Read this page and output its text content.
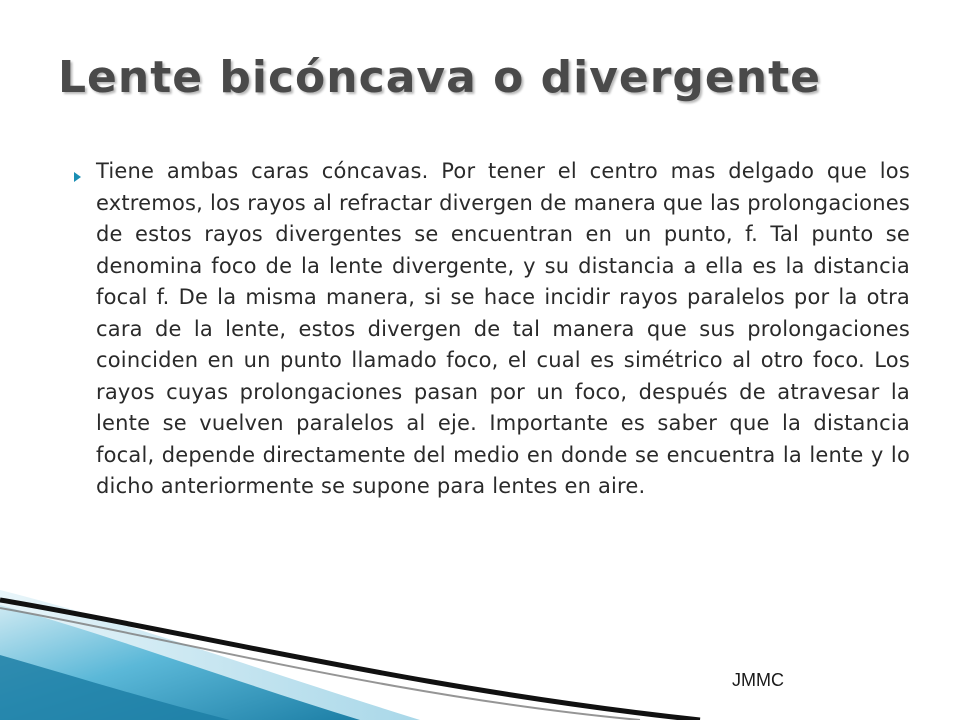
Lente bicóncava o divergente

Tiene ambas caras cóncavas. Por tener el centro mas delgado que los extremos, los rayos al refractar divergen de manera que las prolongaciones de estos rayos divergentes se encuentran en un punto, f. Tal punto se denomina foco de la lente divergente, y su distancia a ella es la distancia focal f. De la misma manera, si se hace incidir rayos paralelos por la otra cara de la lente, estos divergen de tal manera que sus prolongaciones coinciden en un punto llamado foco, el cual es simétrico al otro foco. Los rayos cuyas prolongaciones pasan por un foco, después de atravesar la lente se vuelven paralelos al eje. Importante es saber que la distancia focal, depende directamente del medio en donde se encuentra la lente y lo dicho anteriormente se supone para lentes en aire.

JMMC
